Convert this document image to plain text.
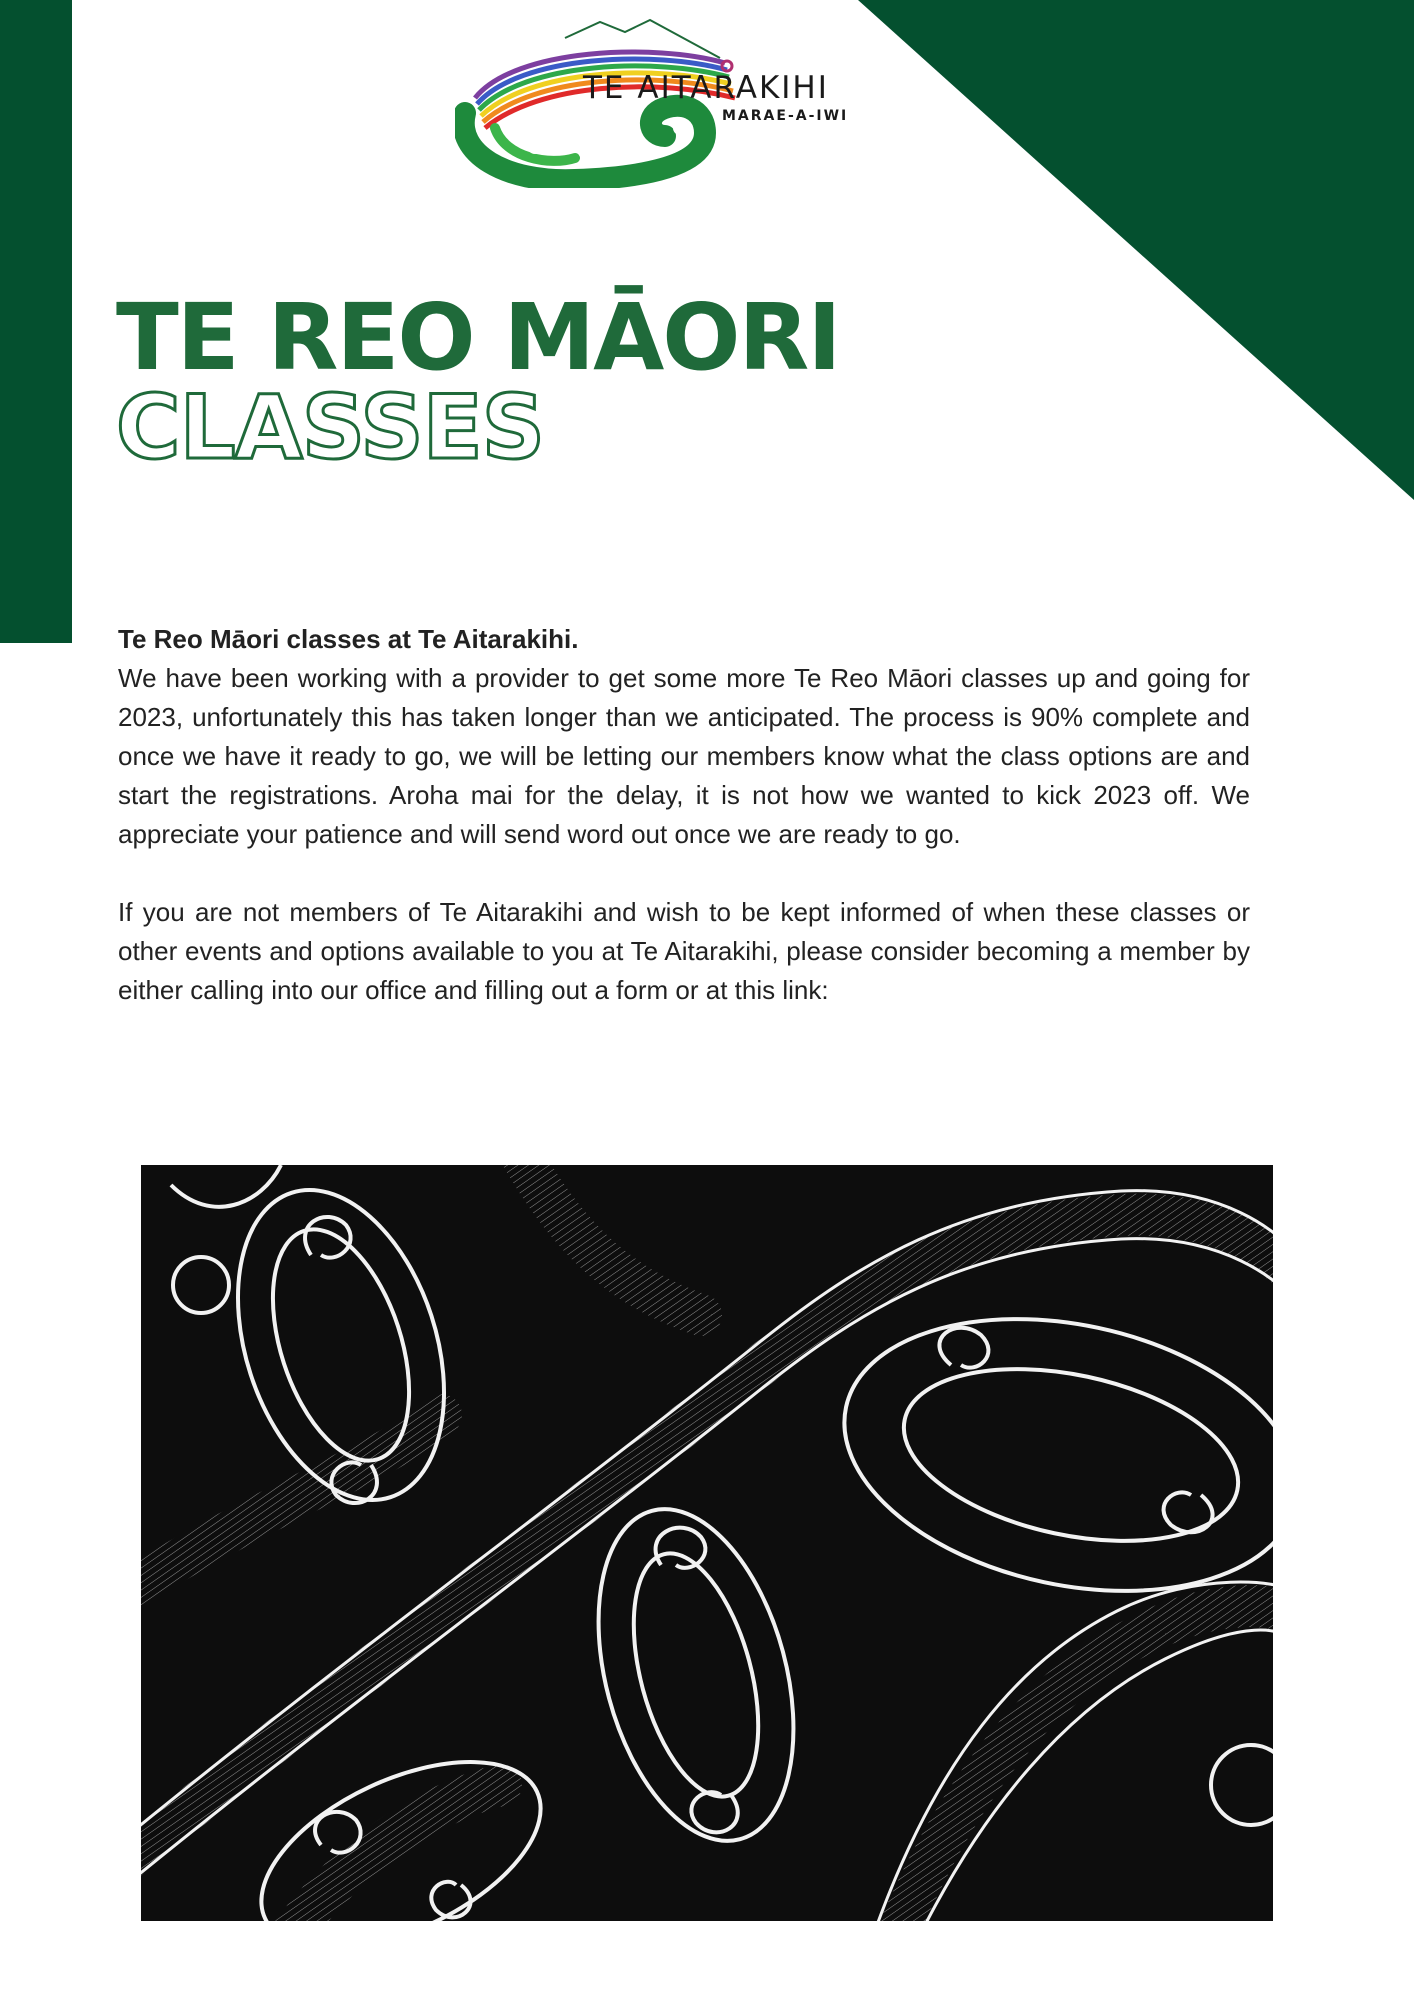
TE AITARAKIHI
MARAE-A-IWI
TE REO MĀORI
CLASSES

Te Reo Māori classes at Te Aitarakihi.

We have been working with a provider to get some more Te Reo Māori classes up and going for 2023, unfortunately this has taken longer than we anticipated. The process is 90% complete and once we have it ready to go, we will be letting our members know what the class options are and start the registrations. Aroha mai for the delay, it is not how we wanted to kick 2023 off. We appreciate your patience and will send word out once we are ready to go.

If you are not members of Te Aitarakihi and wish to be kept informed of when these classes or other events and options available to you at Te Aitarakihi, please consider becoming a member by either calling into our office and filling out a form or at this link:
